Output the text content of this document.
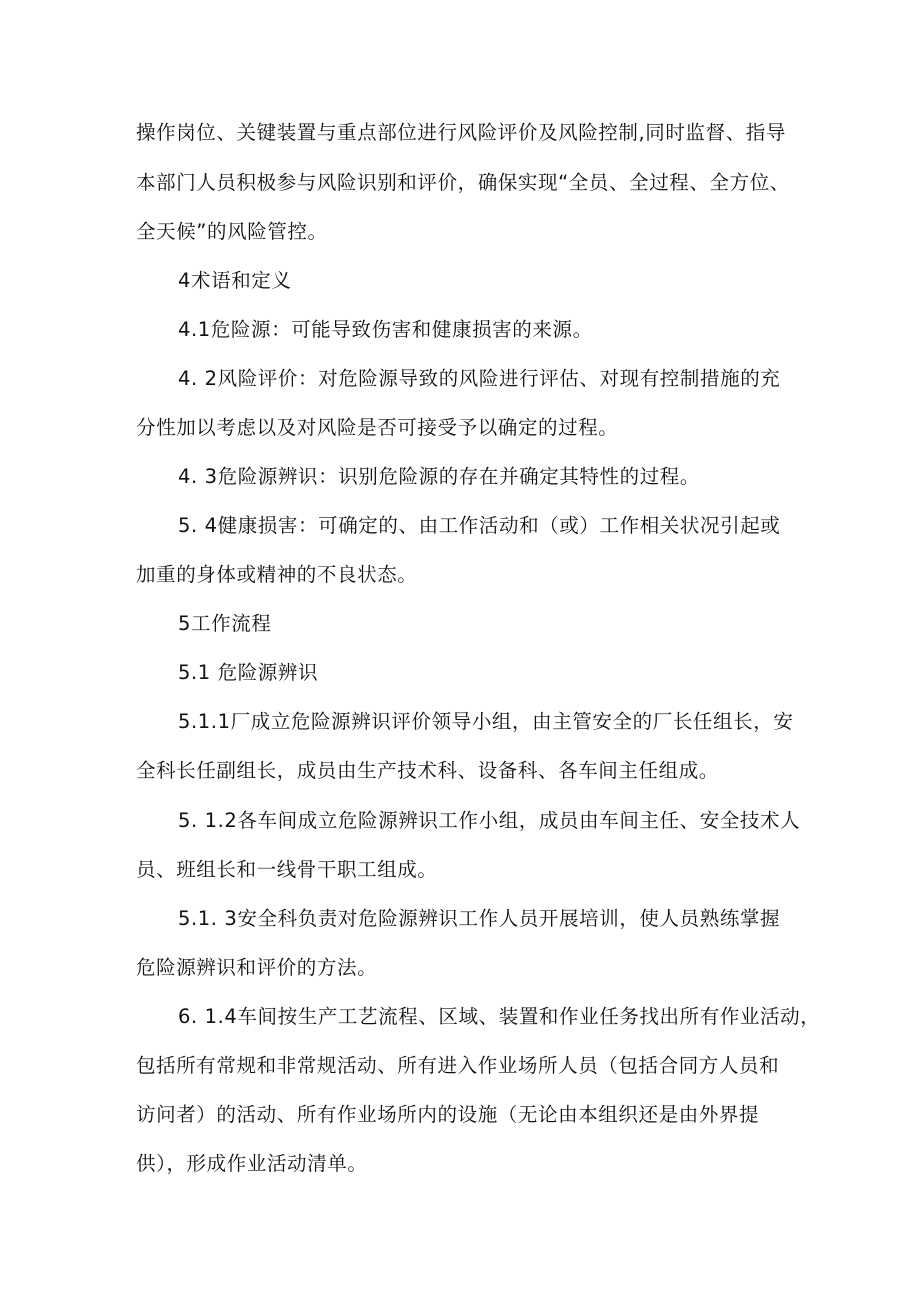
操作岗位、关键装置与重点部位进行风险评价及风险控制,同时监督、指导
本部门人员积极参与风险识别和评价，确保实现“全员、全过程、全方位、
全天候”的风险管控。
4术语和定义
4.1危险源：可能导致伤害和健康损害的来源。
4. 2风险评价：对危险源导致的风险进行评估、对现有控制措施的充
分性加以考虑以及对风险是否可接受予以确定的过程。
4. 3危险源辨识：识别危险源的存在并确定其特性的过程。
5. 4健康损害：可确定的、由工作活动和（或）工作相关状况引起或
加重的身体或精神的不良状态。
5工作流程
5.1 危险源辨识
5.1.1厂成立危险源辨识评价领导小组，由主管安全的厂长任组长，安
全科长任副组长，成员由生产技术科、设备科、各车间主任组成。
5. 1.2各车间成立危险源辨识工作小组，成员由车间主任、安全技术人
员、班组长和一线骨干职工组成。
5.1. 3安全科负责对危险源辨识工作人员开展培训，使人员熟练掌握
危险源辨识和评价的方法。
6. 1.4车间按生产工艺流程、区域、装置和作业任务找出所有作业活动，
包括所有常规和非常规活动、所有进入作业场所人员（包括合同方人员和
访问者）的活动、所有作业场所内的设施（无论由本组织还是由外界提
供），形成作业活动清单。
